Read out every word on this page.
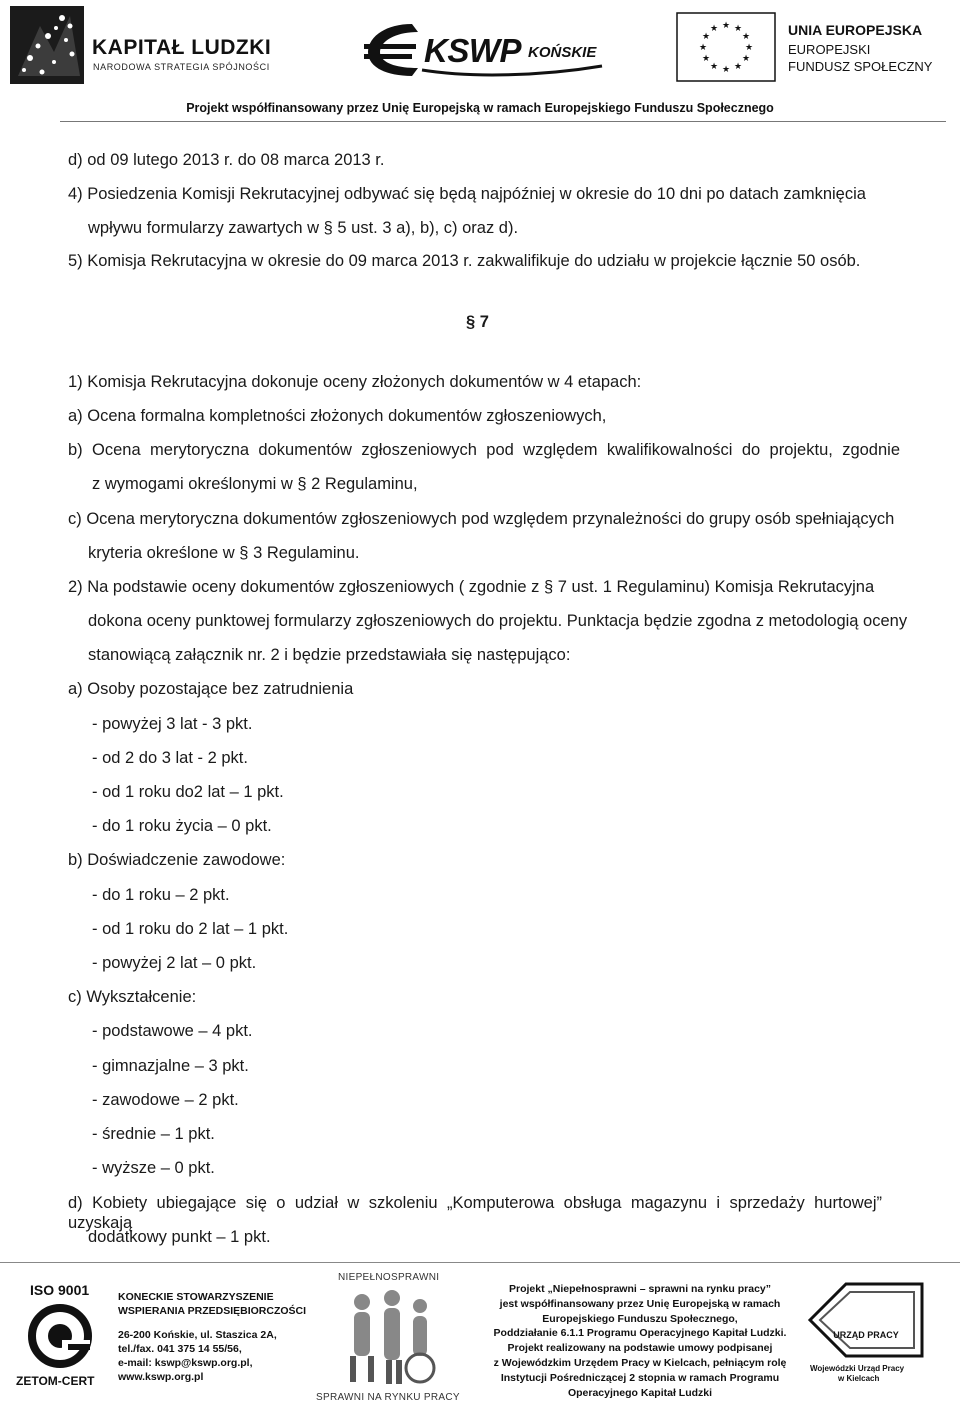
KAPITAŁ LUDZKI
NARODOWA STRATEGIA SPÓJNOŚCI	KSWP KOŃSKIE
★ ★
★
★
★
★
★
★
★
★
★
★	UNIA EUROPEJSKA
EUROPEJSKI
FUNDUSZ SPOŁECZNY
Projekt współfinansowany przez Unię Europejską w ramach Europejskiego Funduszu Społecznego
d) od 09 lutego 2013 r. do 08 marca 2013 r.
4) Posiedzenia Komisji Rekrutacyjnej odbywać się będą najpóźniej w okresie do 10 dni po datach zamknięcia
wpływu formularzy zawartych w § 5 ust. 3 a), b), c) oraz d).
5) Komisja Rekrutacyjna w okresie do 09 marca 2013 r. zakwalifikuje do udziału w projekcie łącznie 50 osób.
§ 7
1) Komisja Rekrutacyjna dokonuje oceny złożonych dokumentów w 4 etapach:
a) Ocena formalna kompletności złożonych dokumentów zgłoszeniowych,
b) Ocena merytoryczna dokumentów zgłoszeniowych pod względem kwalifikowalności do projektu, zgodnie
z wymogami określonymi w § 2 Regulaminu,
c) Ocena merytoryczna dokumentów zgłoszeniowych pod względem przynależności do grupy osób spełniających
kryteria określone w § 3 Regulaminu.
2) Na podstawie oceny dokumentów zgłoszeniowych ( zgodnie z § 7 ust. 1 Regulaminu) Komisja Rekrutacyjna
dokona oceny punktowej formularzy zgłoszeniowych do projektu. Punktacja będzie zgodna z metodologią oceny
stanowiącą załącznik nr. 2 i będzie przedstawiała się następująco:
a) Osoby pozostające bez zatrudnienia
- powyżej 3 lat - 3 pkt.
- od 2 do 3 lat - 2 pkt.
- od 1 roku do2 lat – 1 pkt.
- do 1 roku życia – 0 pkt.
b) Doświadczenie zawodowe:
- do 1 roku – 2 pkt.
- od 1 roku do 2 lat – 1 pkt.
- powyżej 2 lat – 0 pkt.
c) Wykształcenie:
- podstawowe – 4 pkt.
- gimnazjalne – 3 pkt.
- zawodowe – 2 pkt.
- średnie – 1 pkt.
- wyższe – 0 pkt.
d) Kobiety ubiegające się o udział w szkoleniu „Komputerowa obsługa magazynu i sprzedaży hurtowej” uzyskają
dodatkowy punkt – 1 pkt.
ISO 9001
ZETOM-CERT
KONECKIE STOWARZYSZENIE
WSPIERANIA PRZEDSIĘBIORCZOŚCI
26-200 Końskie, ul. Staszica 2A,
tel./fax. 041 375 14 55/56,
e-mail: kswp@kswp.org.pl,
www.kswp.org.pl
NIEPEŁNOSPRAWNI
SPRAWNI NA RYNKU PRACY
Projekt „Niepełnosprawni – sprawni na rynku pracy”
jest współfinansowany przez Unię Europejską w ramach
Europejskiego Funduszu Społecznego,
Poddziałanie 6.1.1 Programu Operacyjnego Kapitał Ludzki.
Projekt realizowany na podstawie umowy podpisanej
z Wojewódzkim Urzędem Pracy w Kielcach, pełniącym rolę
Instytucji Pośredniczącej 2 stopnia w ramach Programu
Operacyjnego Kapitał Ludzki
URZĄD PRACY
Wojewódzki Urząd Pracy
w Kielcach
